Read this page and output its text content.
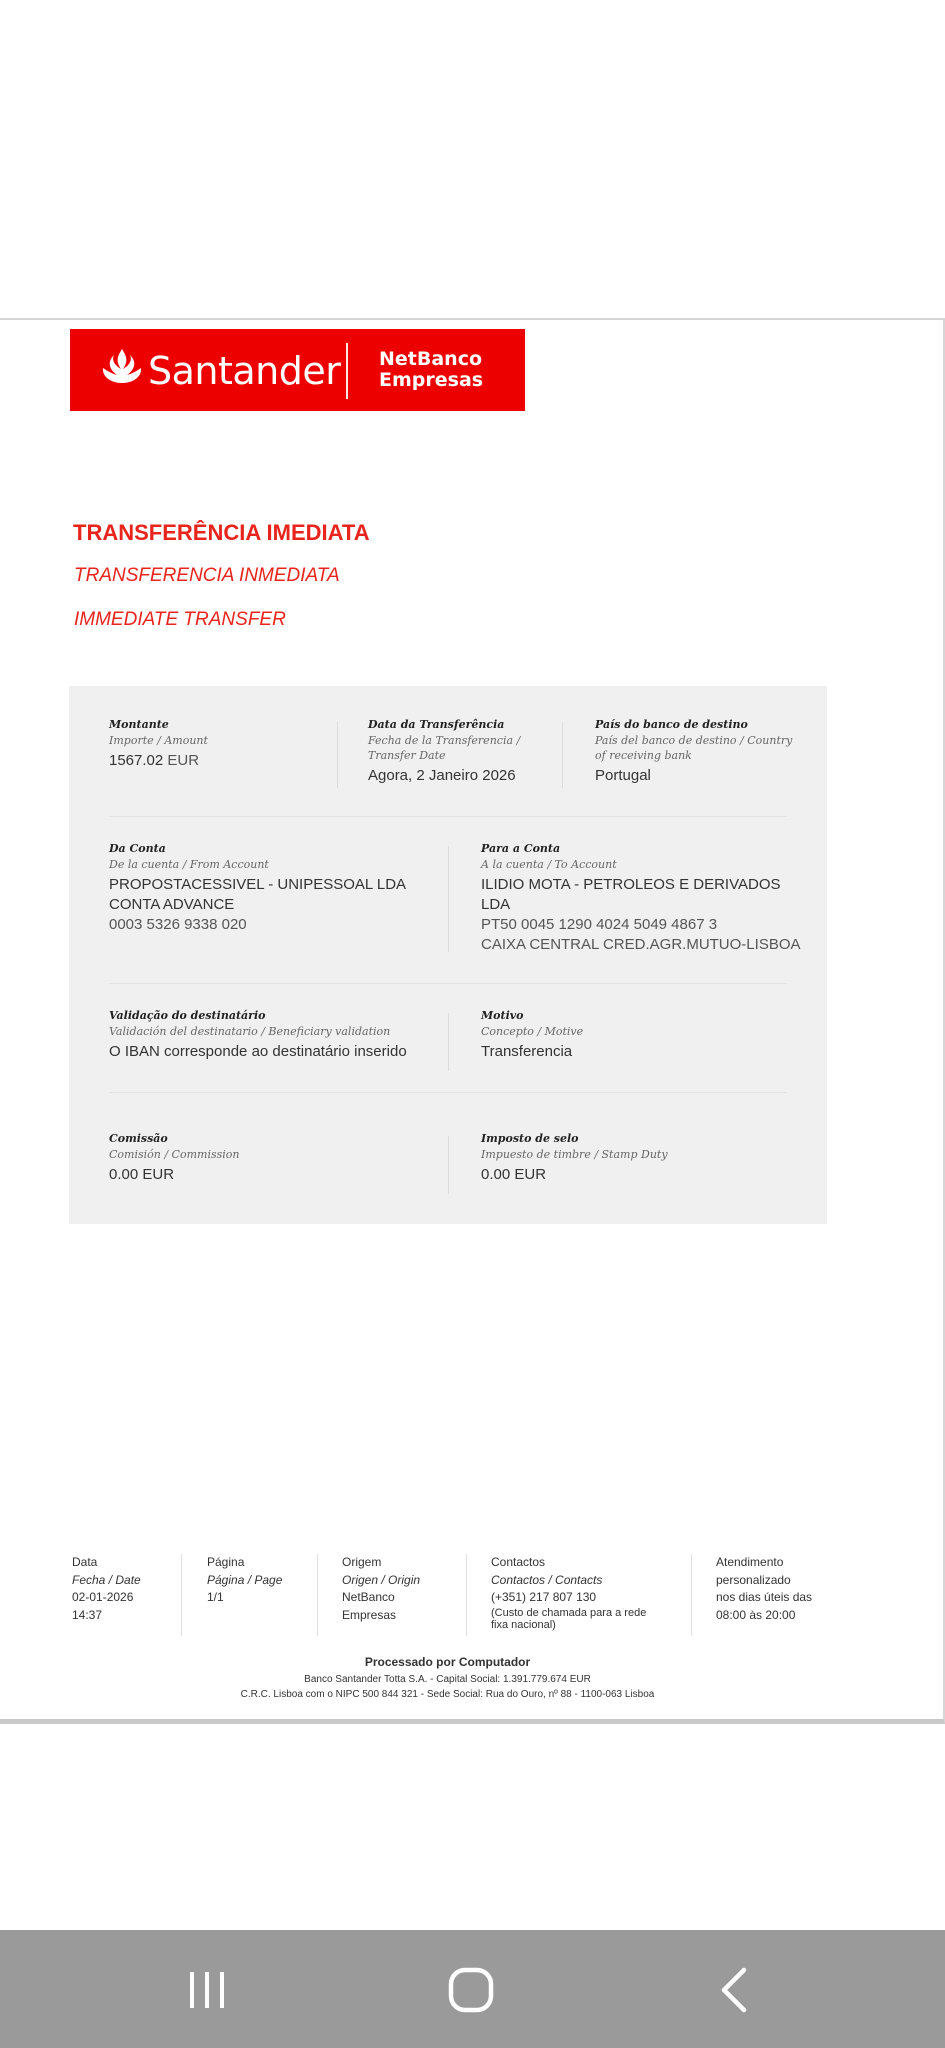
Santander NetBanco
Empresas
TRANSFERÊNCIA IMEDIATA
TRANSFERENCIA INMEDIATA
IMMEDIATE TRANSFER
Montante
Importe / Amount
1567.02 EUR
Data da Transferência
Fecha de la Transferencia / Transfer Date
Agora, 2 Janeiro 2026
País do banco de destino
País del banco de destino / Country of receiving bank
Portugal
Da Conta
De la cuenta / From Account
PROPOSTACESSIVEL - UNIPESSOAL LDA
CONTA ADVANCE
0003 5326 9338 020
Para a Conta
A la cuenta / To Account
ILIDIO MOTA - PETROLEOS E DERIVADOS
LDA
PT50 0045 1290 4024 5049 4867 3
CAIXA CENTRAL CRED.AGR.MUTUO-LISBOA
Validação do destinatário
Validación del destinatario / Beneficiary validation
O IBAN corresponde ao destinatário inserido
Motivo
Concepto / Motive
Transferencia
Comissão
Comisión / Commission
0.00 EUR
Imposto de selo
Impuesto de timbre / Stamp Duty
0.00 EUR
Data
Fecha / Date
02-01-2026
14:37
Página
Página / Page
1/1
Origem
Origen / Origin
NetBanco
Empresas
Contactos
Contactos / Contacts
(+351) 217 807 130
(Custo de chamada para a rede
fixa nacional)
Atendimento
personalizado
nos dias úteis das
08:00 às 20:00
Processado por Computador
Banco Santander Totta S.A. - Capital Social: 1.391.779.674 EUR
C.R.C. Lisboa com o NIPC 500 844 321 - Sede Social: Rua do Ouro, nº 88 - 1100-063 Lisboa
